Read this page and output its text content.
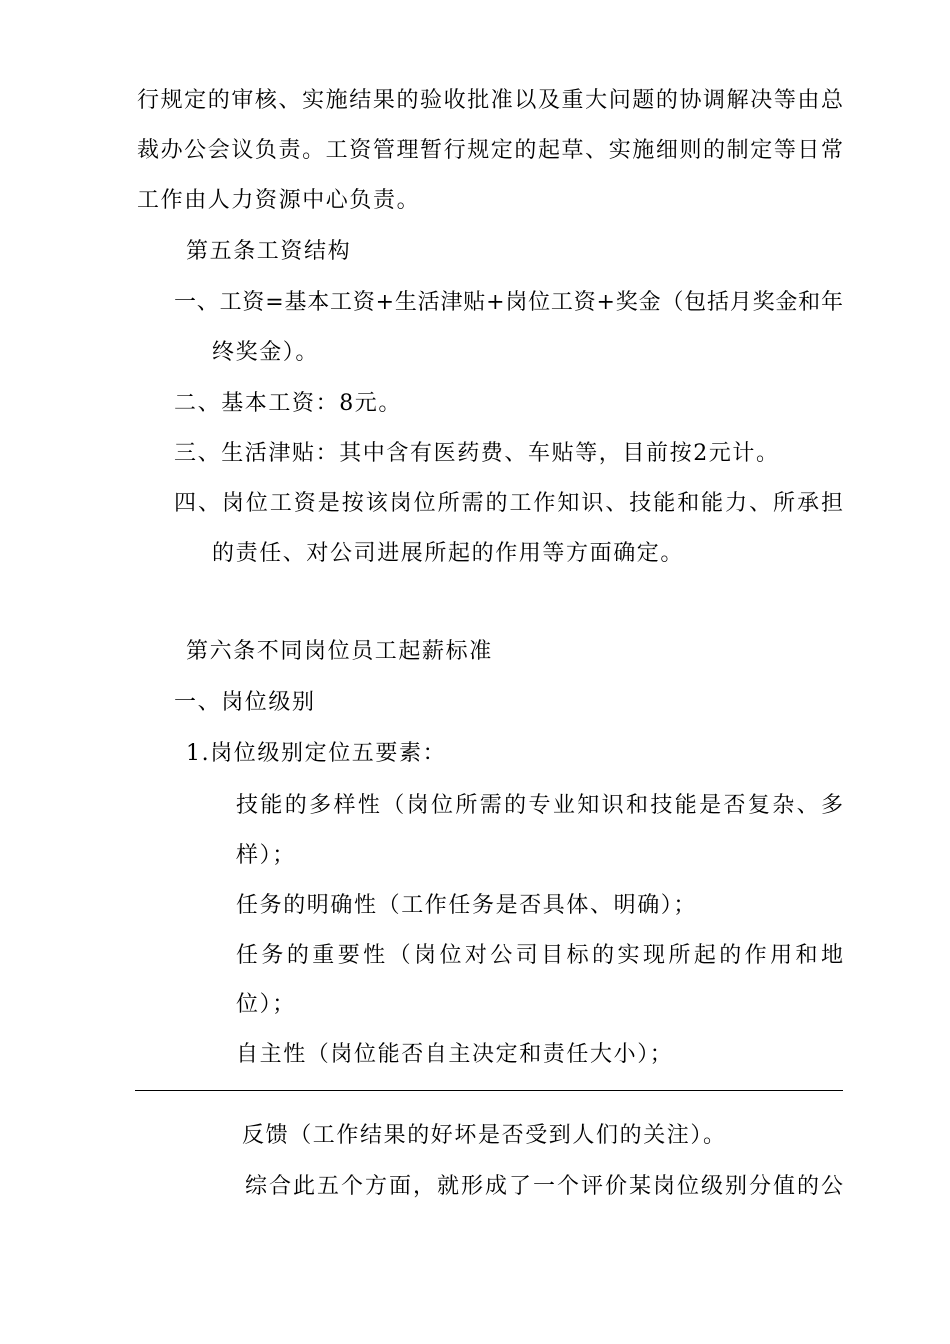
行规定的审核、实施结果的验收批准以及重大问题的协调解决等由总
裁办公会议负责。工资管理暂行规定的起草、实施细则的制定等日常
工作由人力资源中心负责。
第五条工资结构
一、工资=基本工资+生活津贴+岗位工资+奖金（包括月奖金和年
终奖金）。
二、基本工资：8元。
三、生活津贴：其中含有医药费、车贴等，目前按2元计。
四、岗位工资是按该岗位所需的工作知识、技能和能力、所承担
的责任、对公司进展所起的作用等方面确定。
第六条不同岗位员工起薪标准
一、岗位级别
1.岗位级别定位五要素：
技能的多样性（岗位所需的专业知识和技能是否复杂、多
样）；
任务的明确性（工作任务是否具体、明确）；
任务的重要性（岗位对公司目标的实现所起的作用和地
位）；
自主性（岗位能否自主决定和责任大小）；
反馈（工作结果的好坏是否受到人们的关注）。
综合此五个方面，就形成了一个评价某岗位级别分值的公
